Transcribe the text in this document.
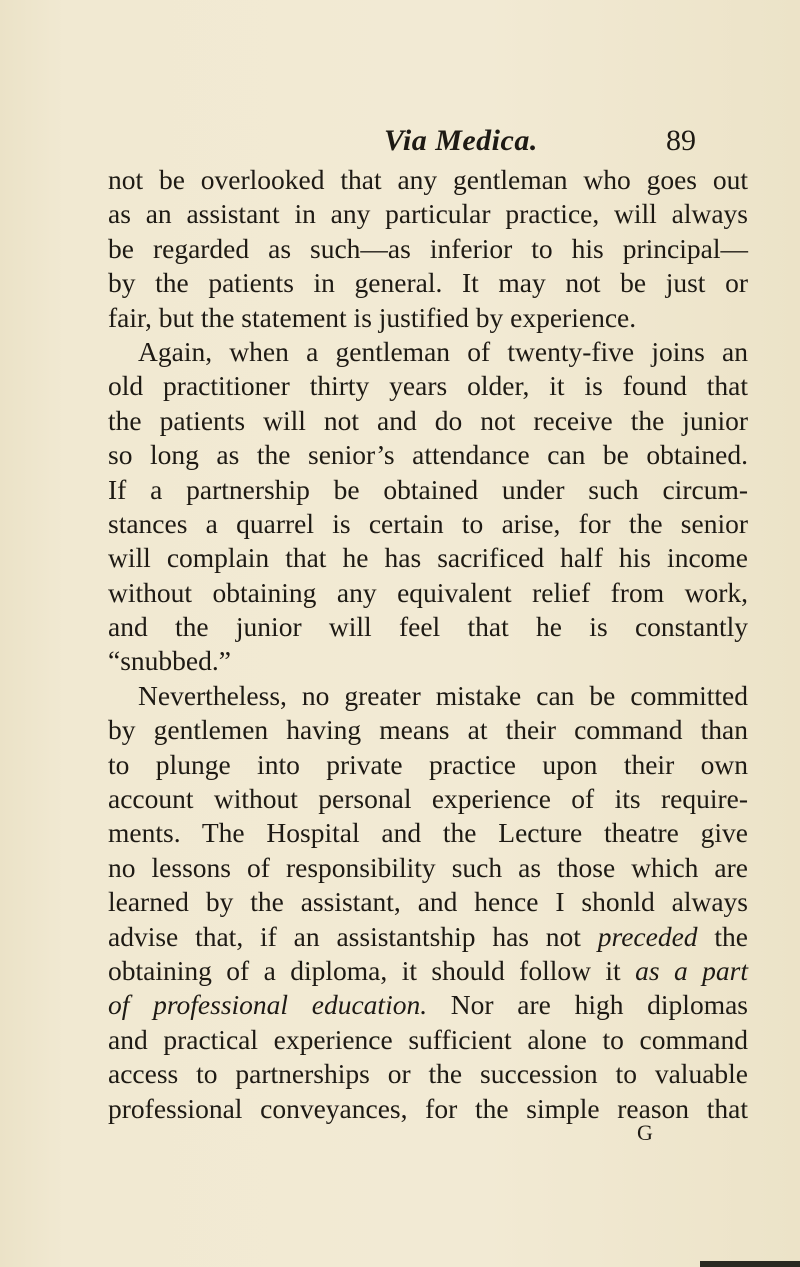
Via Medica.	89
not be overlooked that any gentleman who goes out
as an assistant in any particular practice, will always
be regarded as such—as inferior to his principal—
by the patients in general. It may not be just or
fair, but the statement is justified by experience.
Again, when a gentleman of twenty-five joins an
old practitioner thirty years older, it is found that
the patients will not and do not receive the junior
so long as the senior’s attendance can be obtained.
If a partnership be obtained under such circum-
stances a quarrel is certain to arise, for the senior
will complain that he has sacrificed half his income
without obtaining any equivalent relief from work,
and the junior will feel that he is constantly
“snubbed.”
Nevertheless, no greater mistake can be committed
by gentlemen having means at their command than
to plunge into private practice upon their own
account without personal experience of its require-
ments. The Hospital and the Lecture theatre give
no lessons of responsibility such as those which are
learned by the assistant, and hence I shonld always
advise that, if an assistantship has not preceded the
obtaining of a diploma, it should follow it as a part
of professional education. Nor are high diplomas
and practical experience sufficient alone to command
access to partnerships or the succession to valuable
professional conveyances, for the simple reason that
G
